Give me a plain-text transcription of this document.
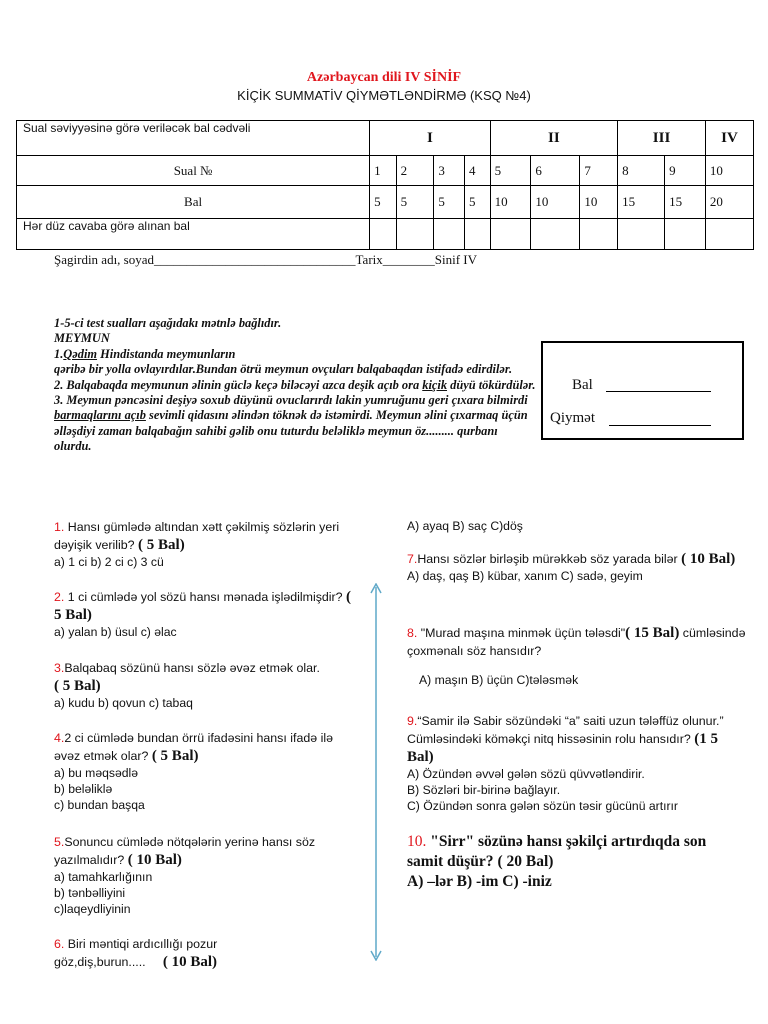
Azərbaycan dili IV SİNİF
KİÇİK SUMMATİV QİYMƏTLƏNDİRMƏ (KSQ №4)
Sual səviyyəsinə görə veriləcək bal cədvəli	I				II			III		IV
Sual №	1	2	3	4	5	6	7	8	9	10
Bal	5	5	5	5	10	10	10	15	15	20
Hər düz cavaba görə alınan bal										
Şagirdin adı, soyad_______________________________Tarix________Sinif IV
1-5-ci test sualları aşağıdakı mətnlə bağlıdır.
MEYMUN
1.Qədim Hindistanda meymunların
qəribə bir yolla ovlayırdılar.Bundan ötrü meymun ovçuları balqabaqdan istifadə edirdilər.
2. Balqabaqda meymunun əlinin güclə keçə biləcəyi azca deşik açıb ora kiçik düyü tökürdülər.
3. Meymun pəncəsini deşiyə soxub düyünü ovuclarırdı lakin yumruğunu geri çıxara bilmirdi barmaqlarını açıb sevimli qidasını əlindən töknək də istəmirdi. Meymun əlini çıxarmaq üçün əlləşdiyi zaman balqabağın sahibi gəlib onu tuturdu beləliklə meymun öz......... qurbanı olurdu.
Bal
Qiymət
1. Hansı gümlədə altından xətt çəkilmiş sözlərin yeri dəyişik verilib? ( 5 Bal)
a) 1 ci b) 2 ci c) 3 cü
2. 1 ci cümlədə yol sözü hansı mənada işlədilmişdir? ( 5 Bal)
a) yalan b) üsul c) əlac
3.Balqabaq sözünü hansı sözlə əvəz etmək olar.
( 5 Bal)
a) kudu b) qovun c) tabaq
4.2 ci cümlədə bundan örrü ifadəsini hansı ifadə ilə əvəz etmək olar? ( 5 Bal)
a) bu məqsədlə
b) beləliklə
c) bundan başqa
5.Sonuncu cümlədə nötqələrin yerinə hansı söz yazılmalıdır? ( 10 Bal)
a) tamahkarlığının
b) tənbəlliyini
c)laqeydliyinin
6. Biri məntiqi ardıcıllığı pozur
göz,diş,burun..... ( 10 Bal)
A) ayaq B) saç C)döş
7.Hansı sözlər birləşib mürəkkəb söz yarada bilər ( 10 Bal)
A) daş, qaş B) kübar, xanım C) sadə, geyim
8. "Murad maşına minmək üçün tələsdi"( 15 Bal) cümləsində çoxmənalı söz hansıdır?
A) maşın B) üçün C)tələsmək
9.“Samir ilə Sabir sözündəki “a” saiti uzun tələffüz olunur.” Cümləsindəki köməkçi nitq hissəsinin rolu hansıdır? (1 5 Bal)
A) Özündən əvvəl gələn sözü qüvvətləndirir.
B) Sözləri bir-birinə bağlayır.
C) Özündən sonra gələn sözün təsir gücünü artırır
10. "Sirr" sözünə hansı şəkilçi artırdıqda son samit düşür? ( 20 Bal)
A) –lər B) -im C) -iniz
